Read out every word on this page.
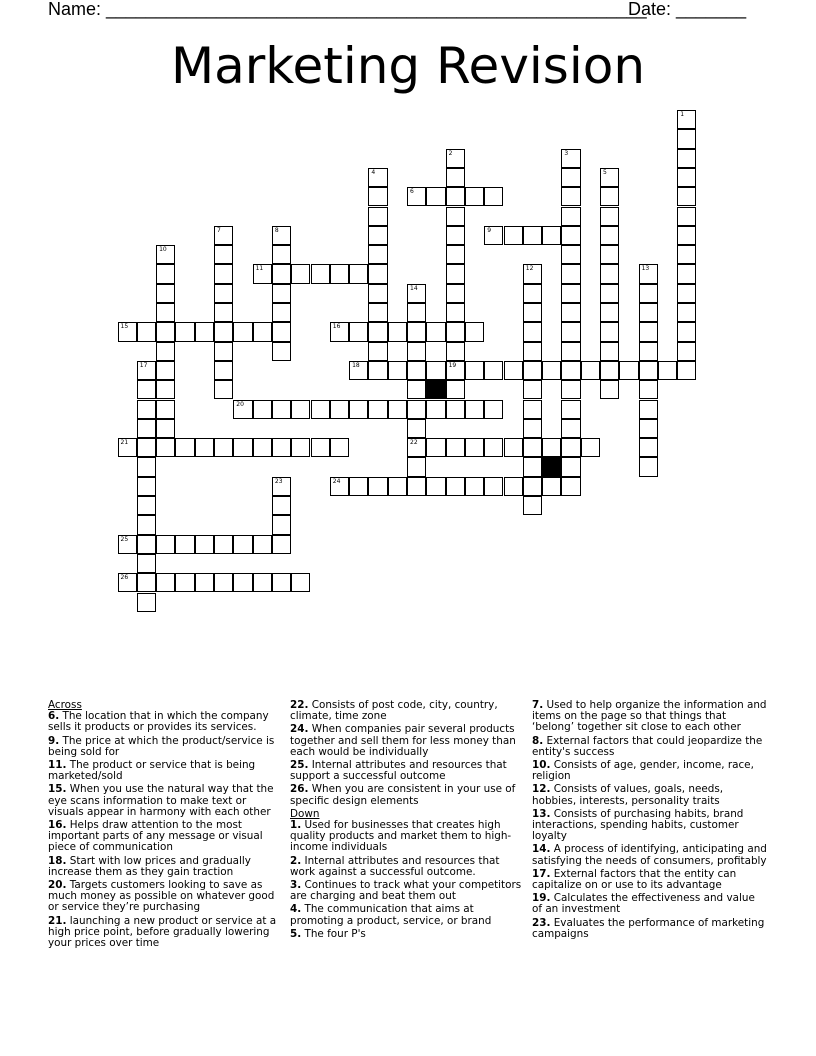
Name: ______________________________________________________
Date: _______
Marketing Revision
1
2
19
3
4	5
6
7	8	9
10
11	12	13
14
22
15	16
17	18
20
21
23	24
25
26
Across
6. The location that in which the company sells it products or provides its services.
9. The price at which the product/service is being sold for
11. The product or service that is being marketed/sold
15. When you use the natural way that the eye scans information to make text or visuals appear in harmony with each other
16. Helps draw attention to the most important parts of any message or visual piece of communication
18. Start with low prices and gradually increase them as they gain traction
20. Targets customers looking to save as much money as possible on whatever good or service they’re purchasing
21. launching a new product or service at a high price point, before gradually lowering your prices over time
22. Consists of post code, city, country, climate, time zone
24. When companies pair several products together and sell them for less money than each would be individually
25. Internal attributes and resources that support a successful outcome
26. When you are consistent in your use of specific design elements
Down
1. Used for businesses that creates high quality products and market them to high-income individuals
2. Internal attributes and resources that work against a successful outcome.
3. Continues to track what your competitors are charging and beat them out
4. The communication that aims at promoting a product, service, or brand
5. The four P's
7. Used to help organize the information and items on the page so that things that ‘belong’ together sit close to each other
8. External factors that could jeopardize the entity's success
10. Consists of age, gender, income, race, religion
12. Consists of values, goals, needs, hobbies, interests, personality traits
13. Consists of purchasing habits, brand interactions, spending habits, customer loyalty
14. A process of identifying, anticipating and satisfying the needs of consumers, profitably
17. External factors that the entity can capitalize on or use to its advantage
19. Calculates the effectiveness and value of an investment
23. Evaluates the performance of marketing campaigns
